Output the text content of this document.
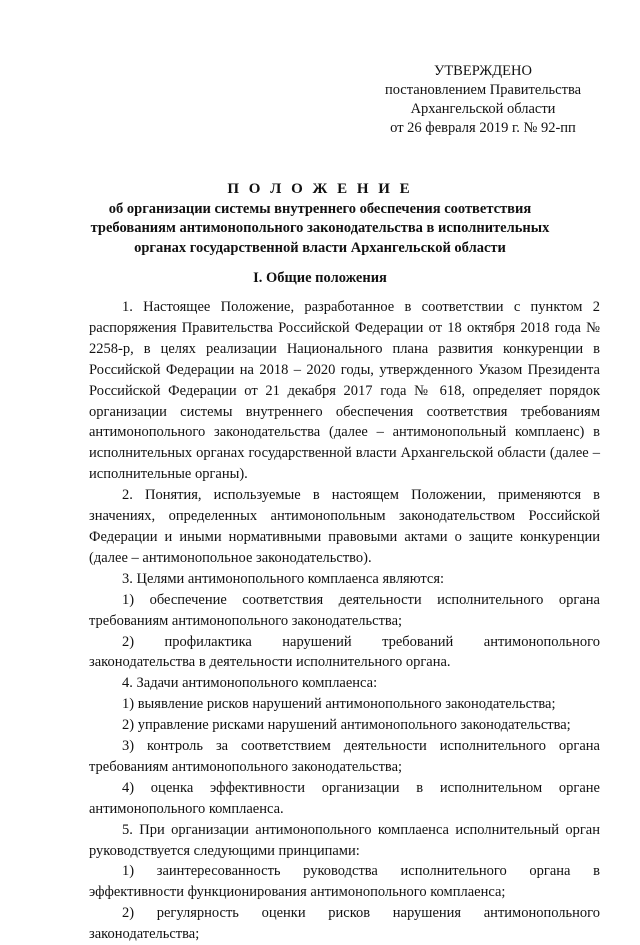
УТВЕРЖДЕНО
постановлением Правительства
Архангельской области
от 26 февраля 2019 г. № 92-пп
П О Л О Ж Е Н И Е
об организации системы внутреннего обеспечения соответствия
требованиям антимонопольного законодательства в исполнительных
органах государственной власти Архангельской области
I. Общие положения

1. Настоящее Положение, разработанное в соответствии с пунктом 2 распоряжения Правительства Российской Федерации от 18 октября 2018 года № 2258-р, в целях реализации Национального плана развития конкуренции в Российской Федерации на 2018 – 2020 годы, утвержденного Указом Президента Российской Федерации от 21 декабря 2017 года № 618, определяет порядок организации системы внутреннего обеспечения соответствия требованиям антимонопольного законодательства (далее – антимонопольный комплаенс) в исполнительных органах государственной власти Архангельской области (далее – исполнительные органы).

2. Понятия, используемые в настоящем Положении, применяются в значениях, определенных антимонопольным законодательством Российской Федерации и иными нормативными правовыми актами о защите конкуренции (далее – антимонопольное законодательство).

3. Целями антимонопольного комплаенса являются:

1) обеспечение соответствия деятельности исполнительного органа требованиям антимонопольного законодательства;

2) профилактика нарушений требований антимонопольного законодательства в деятельности исполнительного органа.

4. Задачи антимонопольного комплаенса:

1) выявление рисков нарушений антимонопольного законодательства;

2) управление рисками нарушений антимонопольного законодательства;

3) контроль за соответствием деятельности исполнительного органа требованиям антимонопольного законодательства;

4) оценка эффективности организации в исполнительном органе антимонопольного комплаенса.

5. При организации антимонопольного комплаенса исполнительный орган руководствуется следующими принципами:

1) заинтересованность руководства исполнительного органа в эффективности функционирования антимонопольного комплаенса;

2) регулярность оценки рисков нарушения антимонопольного законодательства;
